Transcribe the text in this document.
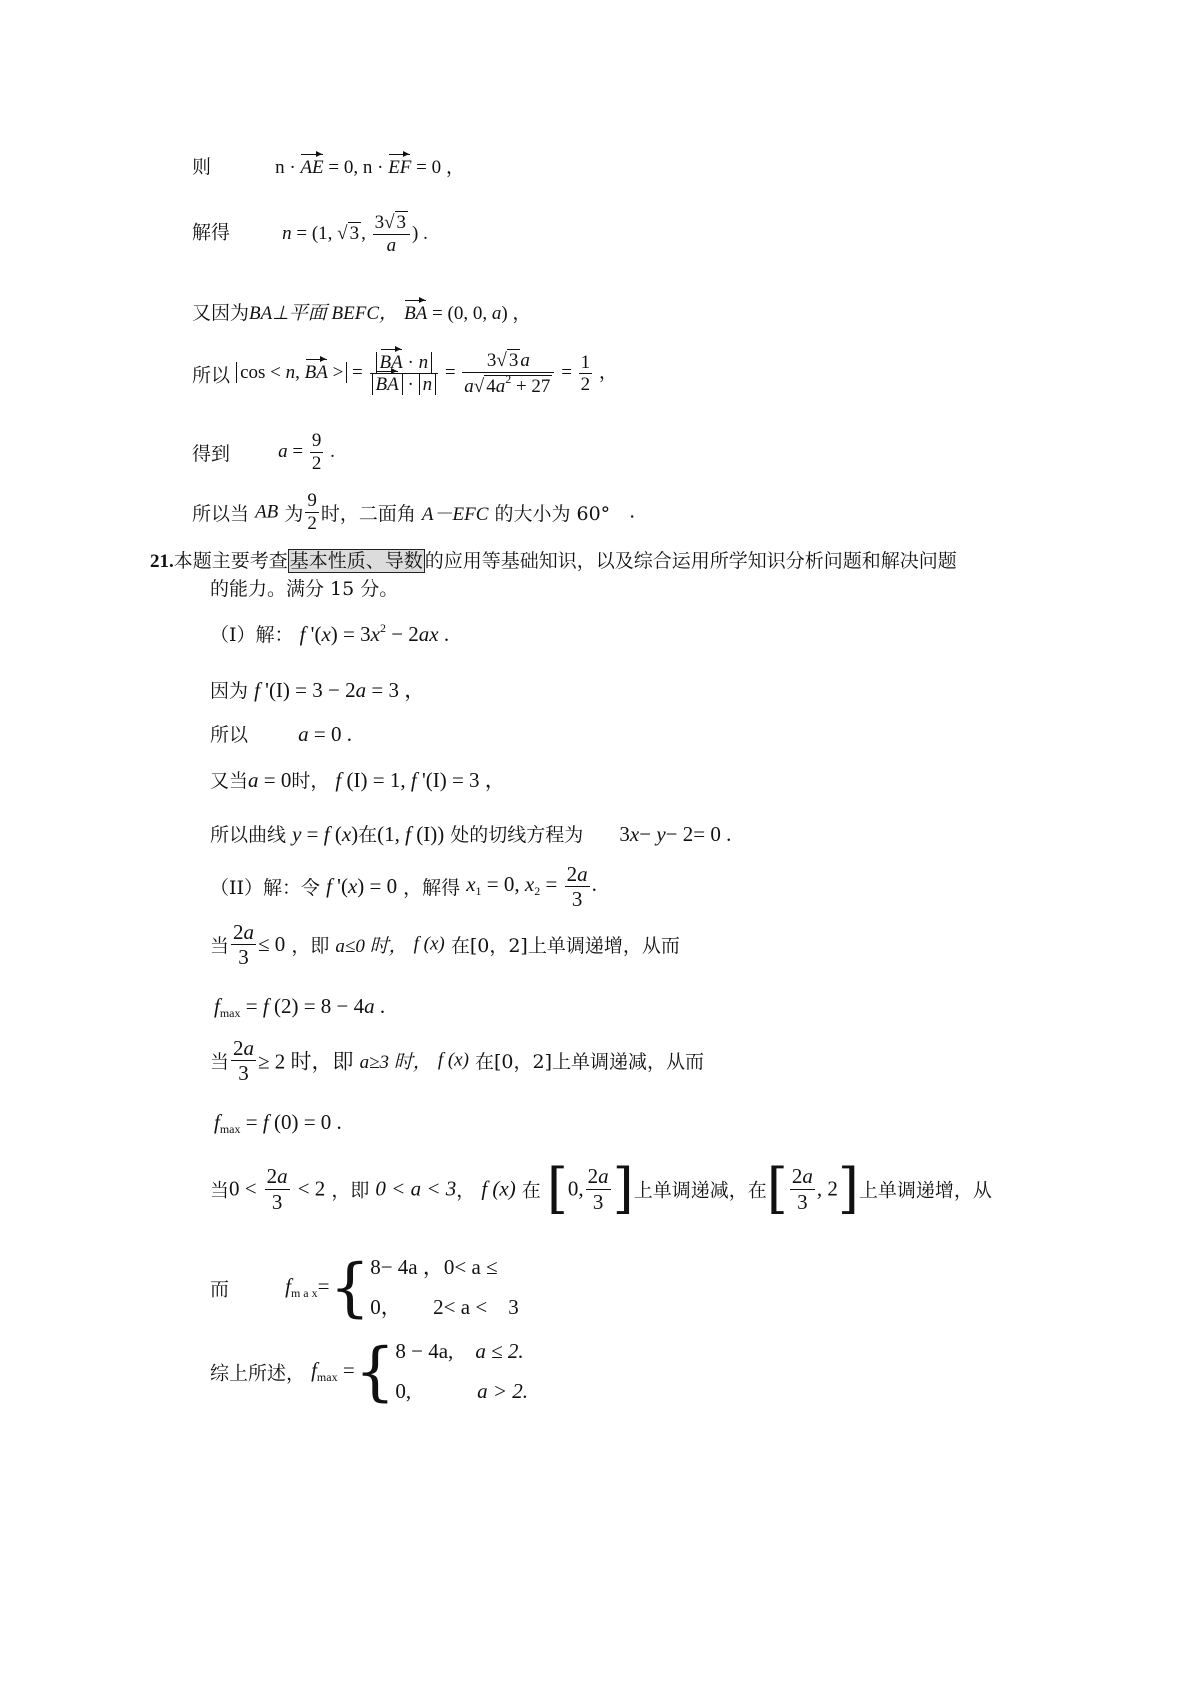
则	n · AE = 0, n · EF = 0 ，
解得	n = (1, √ 3 , $\frac{3√ 3}{a}$ ) .
又因为BA⊥平面 BEFC， BA = (0, 0, a) ，
所以 cos < n, BA > = $\frac{BA \cdot n}{BA \cdot n} = \frac{3√ 3 a}{a√ 4a^2 + 27} = \frac{1}{2}$ ，
得到	$a = \frac{9}{2}$ .
所以当 AB 为 $\frac{9}{2}$ 时，二面角 A－EFC 的大小为 60°　.
21.本题主要考查 基本性质、导数 的应用等基础知识，以及综合运用所学知识分析问题和解决问题
的能力。满分 15 分。
（I）解： f '$(x) = 3x^2 - 2ax$ .
因为 f '(I) = 3 − 2a = 3 ，
所以 a = 0 .
又当a = 0时， f (I) = 1, f '(I) = 3 ，
所以曲线 y = f (x)在(1, f (I)) 处的切线方程为 3x− y− 2= 0 .
（II）解：令 f '(x) = 0 ，解得 $x_1 = 0$, $x_2 = \frac{2a}{3}$ .
当 $\frac{2a}{3} \le 0$ ，即 a≤0 时， f (x) 在[0，2]上单调递增，从而
$f_{max} = f$ (2) = 8 − 4a .
当 $\frac{2a}{3} \ge 2$ 时，即 a≥3 时， f (x) 在[0，2]上单调递减，从而
$f_{max} = f$ (0) = 0 .
当$0 < \frac{2a}{3} < 2$ ，即 0 < a < 3， f (x) 在 [0, $\frac{2a}{3}$ ]上单调递减，在[ $\frac{2a}{3}$ , 2]上单调递增，从
而	$f_{m a x}=\{8- 4a$ ，0< a ≤
0，　　2< a <　3
综上所述， $f_{max} =\{8 - 4a$, a ≤ 2.
0,	a > 2.
